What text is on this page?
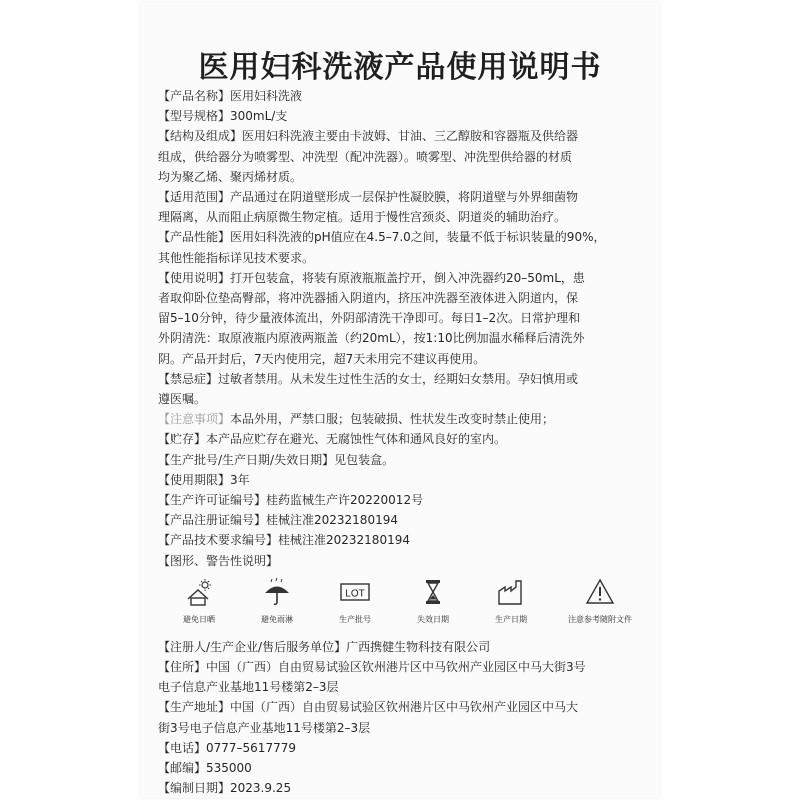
医用妇科洗液产品使用说明书

【产品名称】医用妇科洗液

【型号规格】300mL/支

【结构及组成】医用妇科洗液主要由卡波姆、甘油、三乙醇胺和容器瓶及供给器

组成，供给器分为喷雾型、冲洗型（配冲洗器）。喷雾型、冲洗型供给器的材质

均为聚乙烯、聚丙烯材质。

【适用范围】产品通过在阴道壁形成一层保护性凝胶膜，将阴道壁与外界细菌物

理隔离，从而阻止病原微生物定植。适用于慢性宫颈炎、阴道炎的辅助治疗。

【产品性能】医用妇科洗液的pH值应在4.5–7.0之间，装量不低于标识装量的90%，

其他性能指标详见技术要求。

【使用说明】打开包装盒，将装有原液瓶瓶盖拧开，倒入冲洗器约20–50mL，患

者取仰卧位垫高臀部，将冲洗器插入阴道内，挤压冲洗器至液体进入阴道内，保

留5–10分钟，待少量液体流出，外阴部清洗干净即可。每日1–2次。日常护理和

外阴清洗：取原液瓶内原液两瓶盖（约20mL），按1:10比例加温水稀释后清洗外

阴。产品开封后，7天内使用完，超7天未用完不建议再使用。

【禁忌症】过敏者禁用。从未发生过性生活的女士，经期妇女禁用。孕妇慎用或

遵医嘱。

【注意事项】本品外用，严禁口服；包装破损、性状发生改变时禁止使用；

【贮存】本产品应贮存在避光、无腐蚀性气体和通风良好的室内。

【生产批号/生产日期/失效日期】见包装盒。

【使用期限】3年

【生产许可证编号】桂药监械生产许20220012号

【产品注册证编号】桂械注准20232180194

【产品技术要求编号】桂械注准20232180194

【图形、警告性说明】

避免日晒	避免雨淋
LOT
生产批号	失效日期	生产日期	注意参考随附文件

【注册人/生产企业/售后服务单位】广西携健生物科技有限公司

【住所】中国（广西）自由贸易试验区钦州港片区中马钦州产业园区中马大街3号

电子信息产业基地11号楼第2–3层

【生产地址】中国（广西）自由贸易试验区钦州港片区中马钦州产业园区中马大

街3号电子信息产业基地11号楼第2–3层

【电话】0777–5617779

【邮编】535000

【编制日期】2023.9.25
